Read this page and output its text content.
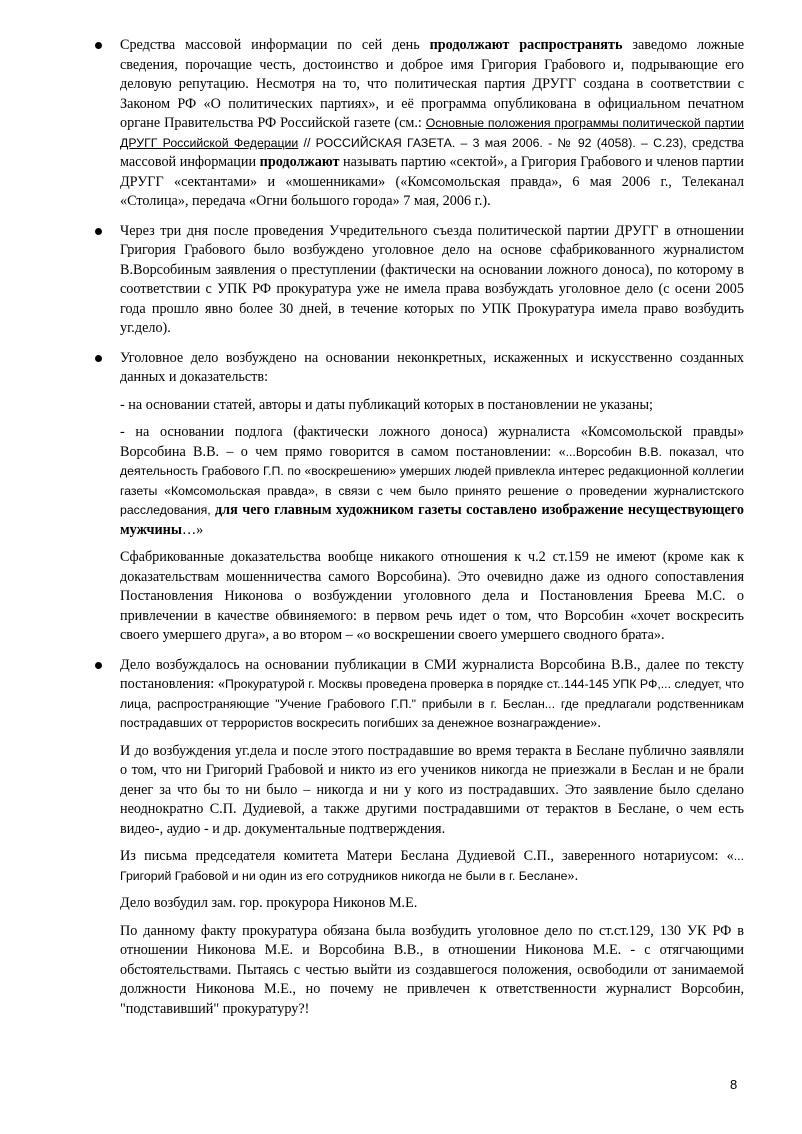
Средства массовой информации по сей день продолжают распространять заведомо ложные сведения, порочащие честь, достоинство и доброе имя Григория Грабового и, подрывающие его деловую репутацию. Несмотря на то, что политическая партия ДРУГГ создана в соответствии с Законом РФ «О политических партиях», и её программа опубликована в официальном печатном органе Правительства РФ Российской газете (см.: Основные положения программы политической партии ДРУГГ Российской Федерации // РОССИЙСКАЯ ГАЗЕТА. – 3 мая 2006. - № 92 (4058). – С.23), средства массовой информации продолжают называть партию «сектой», а Григория Грабового и членов партии ДРУГГ «сектантами» и «мошенниками» («Комсомольская правда», 6 мая 2006 г., Телеканал «Столица», передача «Огни большого города» 7 мая, 2006 г.).

Через три дня после проведения Учредительного съезда политической партии ДРУГГ в отношении Григория Грабового было возбуждено уголовное дело на основе сфабрикованного журналистом В.Ворсобиным заявления о преступлении (фактически на основании ложного доноса), по которому в соответствии с УПК РФ прокуратура уже не имела права возбуждать уголовное дело (с осени 2005 года прошло явно более 30 дней, в течение которых по УПК Прокуратура имела право возбудить уг.дело).

Уголовное дело возбуждено на основании неконкретных, искаженных и искусственно созданных данных и доказательств:

- на основании статей, авторы и даты публикаций которых в постановлении не указаны;

- на основании подлога (фактически ложного доноса) журналиста «Комсомольской правды» Ворсобина В.В. – о чем прямо говорится в самом постановлении: «...Ворсобин В.В. показал, что деятельность Грабового Г.П. по «воскрешению» умерших людей привлекла интерес редакционной коллегии газеты «Комсомольская правда», в связи с чем было принято решение о проведении журналистского расследования, для чего главным художником газеты составлено изображение несуществующего мужчины…»

Сфабрикованные доказательства вообще никакого отношения к ч.2 ст.159 не имеют (кроме как к доказательствам мошенничества самого Ворсобина). Это очевидно даже из одного сопоставления Постановления Никонова о возбуждении уголовного дела и Постановления Бреева М.С. о привлечении в качестве обвиняемого: в первом речь идет о том, что Ворсобин «хочет воскресить своего умершего друга», а во втором – «о воскрешении своего умершего сводного брата».

Дело возбуждалось на основании публикации в СМИ журналиста Ворсобина В.В., далее по тексту постановления: «Прокуратурой г. Москвы проведена проверка в порядке ст..144-145 УПК РФ,... следует, что лица, распространяющие "Учение Грабового Г.П." прибыли в г. Беслан... где предлагали родственникам пострадавших от террористов воскресить погибших за денежное вознаграждение».

И до возбуждения уг.дела и после этого пострадавшие во время теракта в Беслане публично заявляли о том, что ни Григорий Грабовой и никто из его учеников никогда не приезжали в Беслан и не брали денег за что бы то ни было – никогда и ни у кого из пострадавших. Это заявление было сделано неоднократно С.П. Дудиевой, а также другими пострадавшими от терактов в Беслане, о чем есть видео-, аудио - и др. документальные подтверждения.

Из письма председателя комитета Матери Беслана Дудиевой С.П., заверенного нотариусом: «... Григорий Грабовой и ни один из его сотрудников никогда не были в г. Беслане».

Дело возбудил зам. гор. прокурора Никонов М.Е.

По данному факту прокуратура обязана была возбудить уголовное дело по ст.ст.129, 130 УК РФ в отношении Никонова М.Е. и Ворсобина В.В., в отношении Никонова М.Е. - с отягчающими обстоятельствами. Пытаясь с честью выйти из создавшегося положения, освободили от занимаемой должности Никонова М.Е., но почему не привлечен к ответственности журналист Ворсобин, "подставивший" прокуратуру?!

8
